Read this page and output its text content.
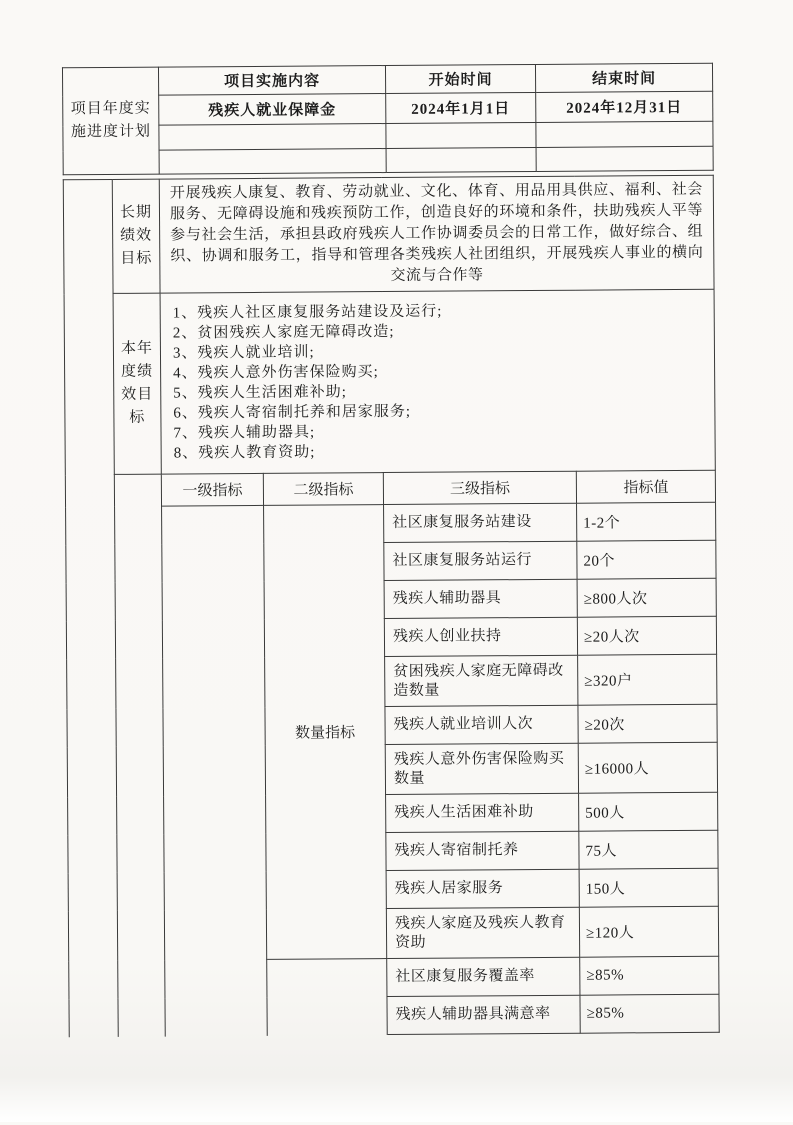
项目年度实施进度计划	项目实施内容	开始时间	结束时间
	残疾人就业保障金	2024年1月1日	2024年12月31日

	长期绩效目标	开展残疾人康复、教育、劳动就业、文化、体育、用品用具供应、福利、社会服务、无障碍设施和残疾预防工作，创造良好的环境和条件，扶助残疾人平等参与社会生活，承担县政府残疾人工作协调委员会的日常工作，做好综合、组织、协调和服务工，指导和管理各类残疾人社团组织，开展残疾人事业的横向交流与合作等			
本年度绩效目标	
1、残疾人社区康复服务站建设及运行;
2、贫困残疾人家庭无障碍改造;
3、残疾人就业培训;
4、残疾人意外伤害保险购买;
5、残疾人生活困难补助;
6、残疾人寄宿制托养和居家服务;
7、残疾人辅助器具;
8、残疾人教育资助;

		一级指标	二级指标	三级指标	指标值
			数量指标	社区康复服务站建设	1-2个
				社区康复服务站运行	20个
				残疾人辅助器具	≥800人次
				残疾人创业扶持	≥20人次
				贫困残疾人家庭无障碍改造数量	≥320户
				残疾人就业培训人次	≥20次
				残疾人意外伤害保险购买数量	≥16000人
				残疾人生活困难补助	500人
				残疾人寄宿制托养	75人
				残疾人居家服务	150人
				残疾人家庭及残疾人教育资助	≥120人
				社区康复服务覆盖率	≥85%
				残疾人辅助器具满意率	≥85%
